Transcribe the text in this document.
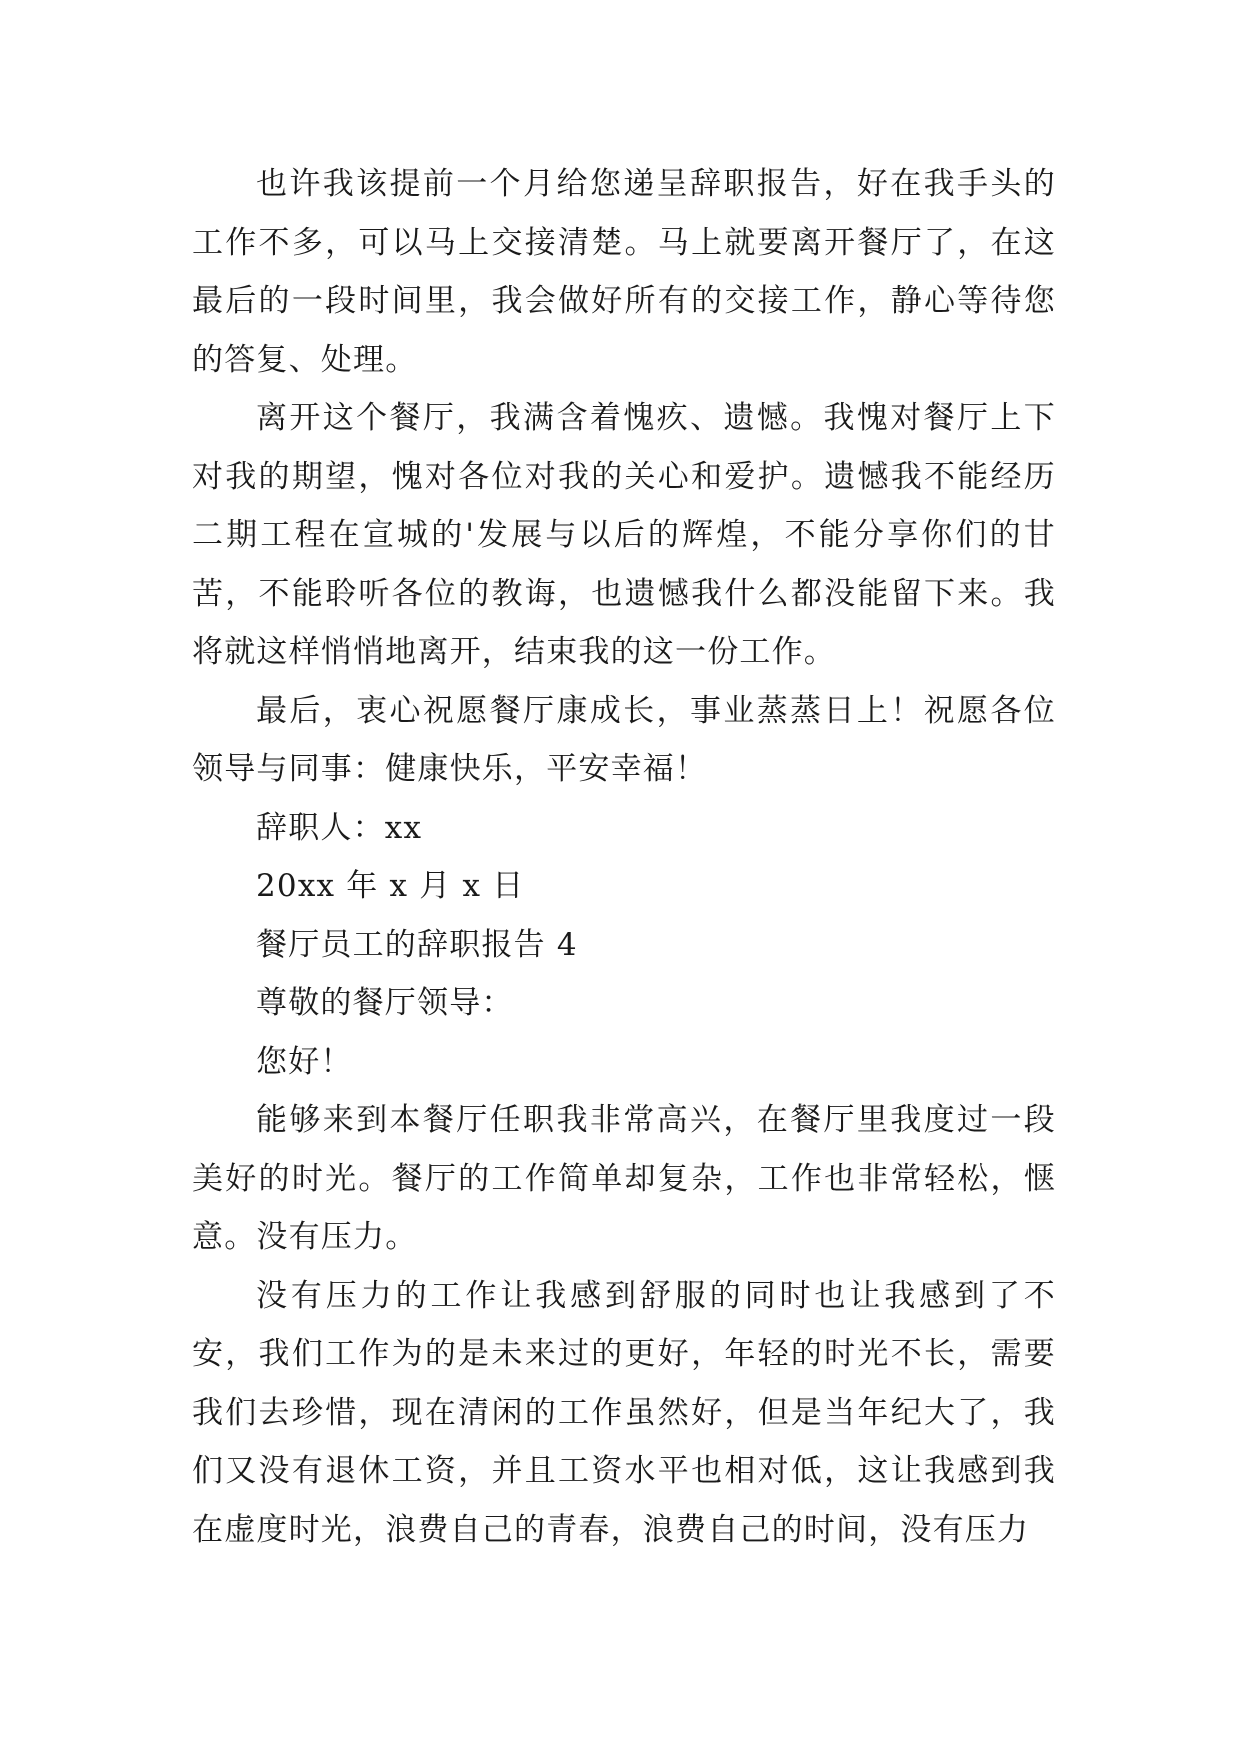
也许我该提前一个月给您递呈辞职报告，好在我手头的工作不多，可以马上交接清楚。马上就要离开餐厅了，在这最后的一段时间里，我会做好所有的交接工作，静心等待您的答复、处理。

离开这个餐厅，我满含着愧疚、遗憾。我愧对餐厅上下对我的期望，愧对各位对我的关心和爱护。遗憾我不能经历二期工程在宣城的'发展与以后的辉煌，不能分享你们的甘苦，不能聆听各位的教诲，也遗憾我什么都没能留下来。我将就这样悄悄地离开，结束我的这一份工作。

最后，衷心祝愿餐厅康成长，事业蒸蒸日上！祝愿各位领导与同事：健康快乐，平安幸福！

辞职人：xx

20xx 年 x 月 x 日

餐厅员工的辞职报告 4

尊敬的餐厅领导：

您好！

能够来到本餐厅任职我非常高兴，在餐厅里我度过一段美好的时光。餐厅的工作简单却复杂，工作也非常轻松，惬意。没有压力。

没有压力的工作让我感到舒服的同时也让我感到了不安，我们工作为的是未来过的更好，年轻的时光不长，需要我们去珍惜，现在清闲的工作虽然好，但是当年纪大了，我们又没有退休工资，并且工资水平也相对低，这让我感到我在虚度时光，浪费自己的青春，浪费自己的时间，没有压力
